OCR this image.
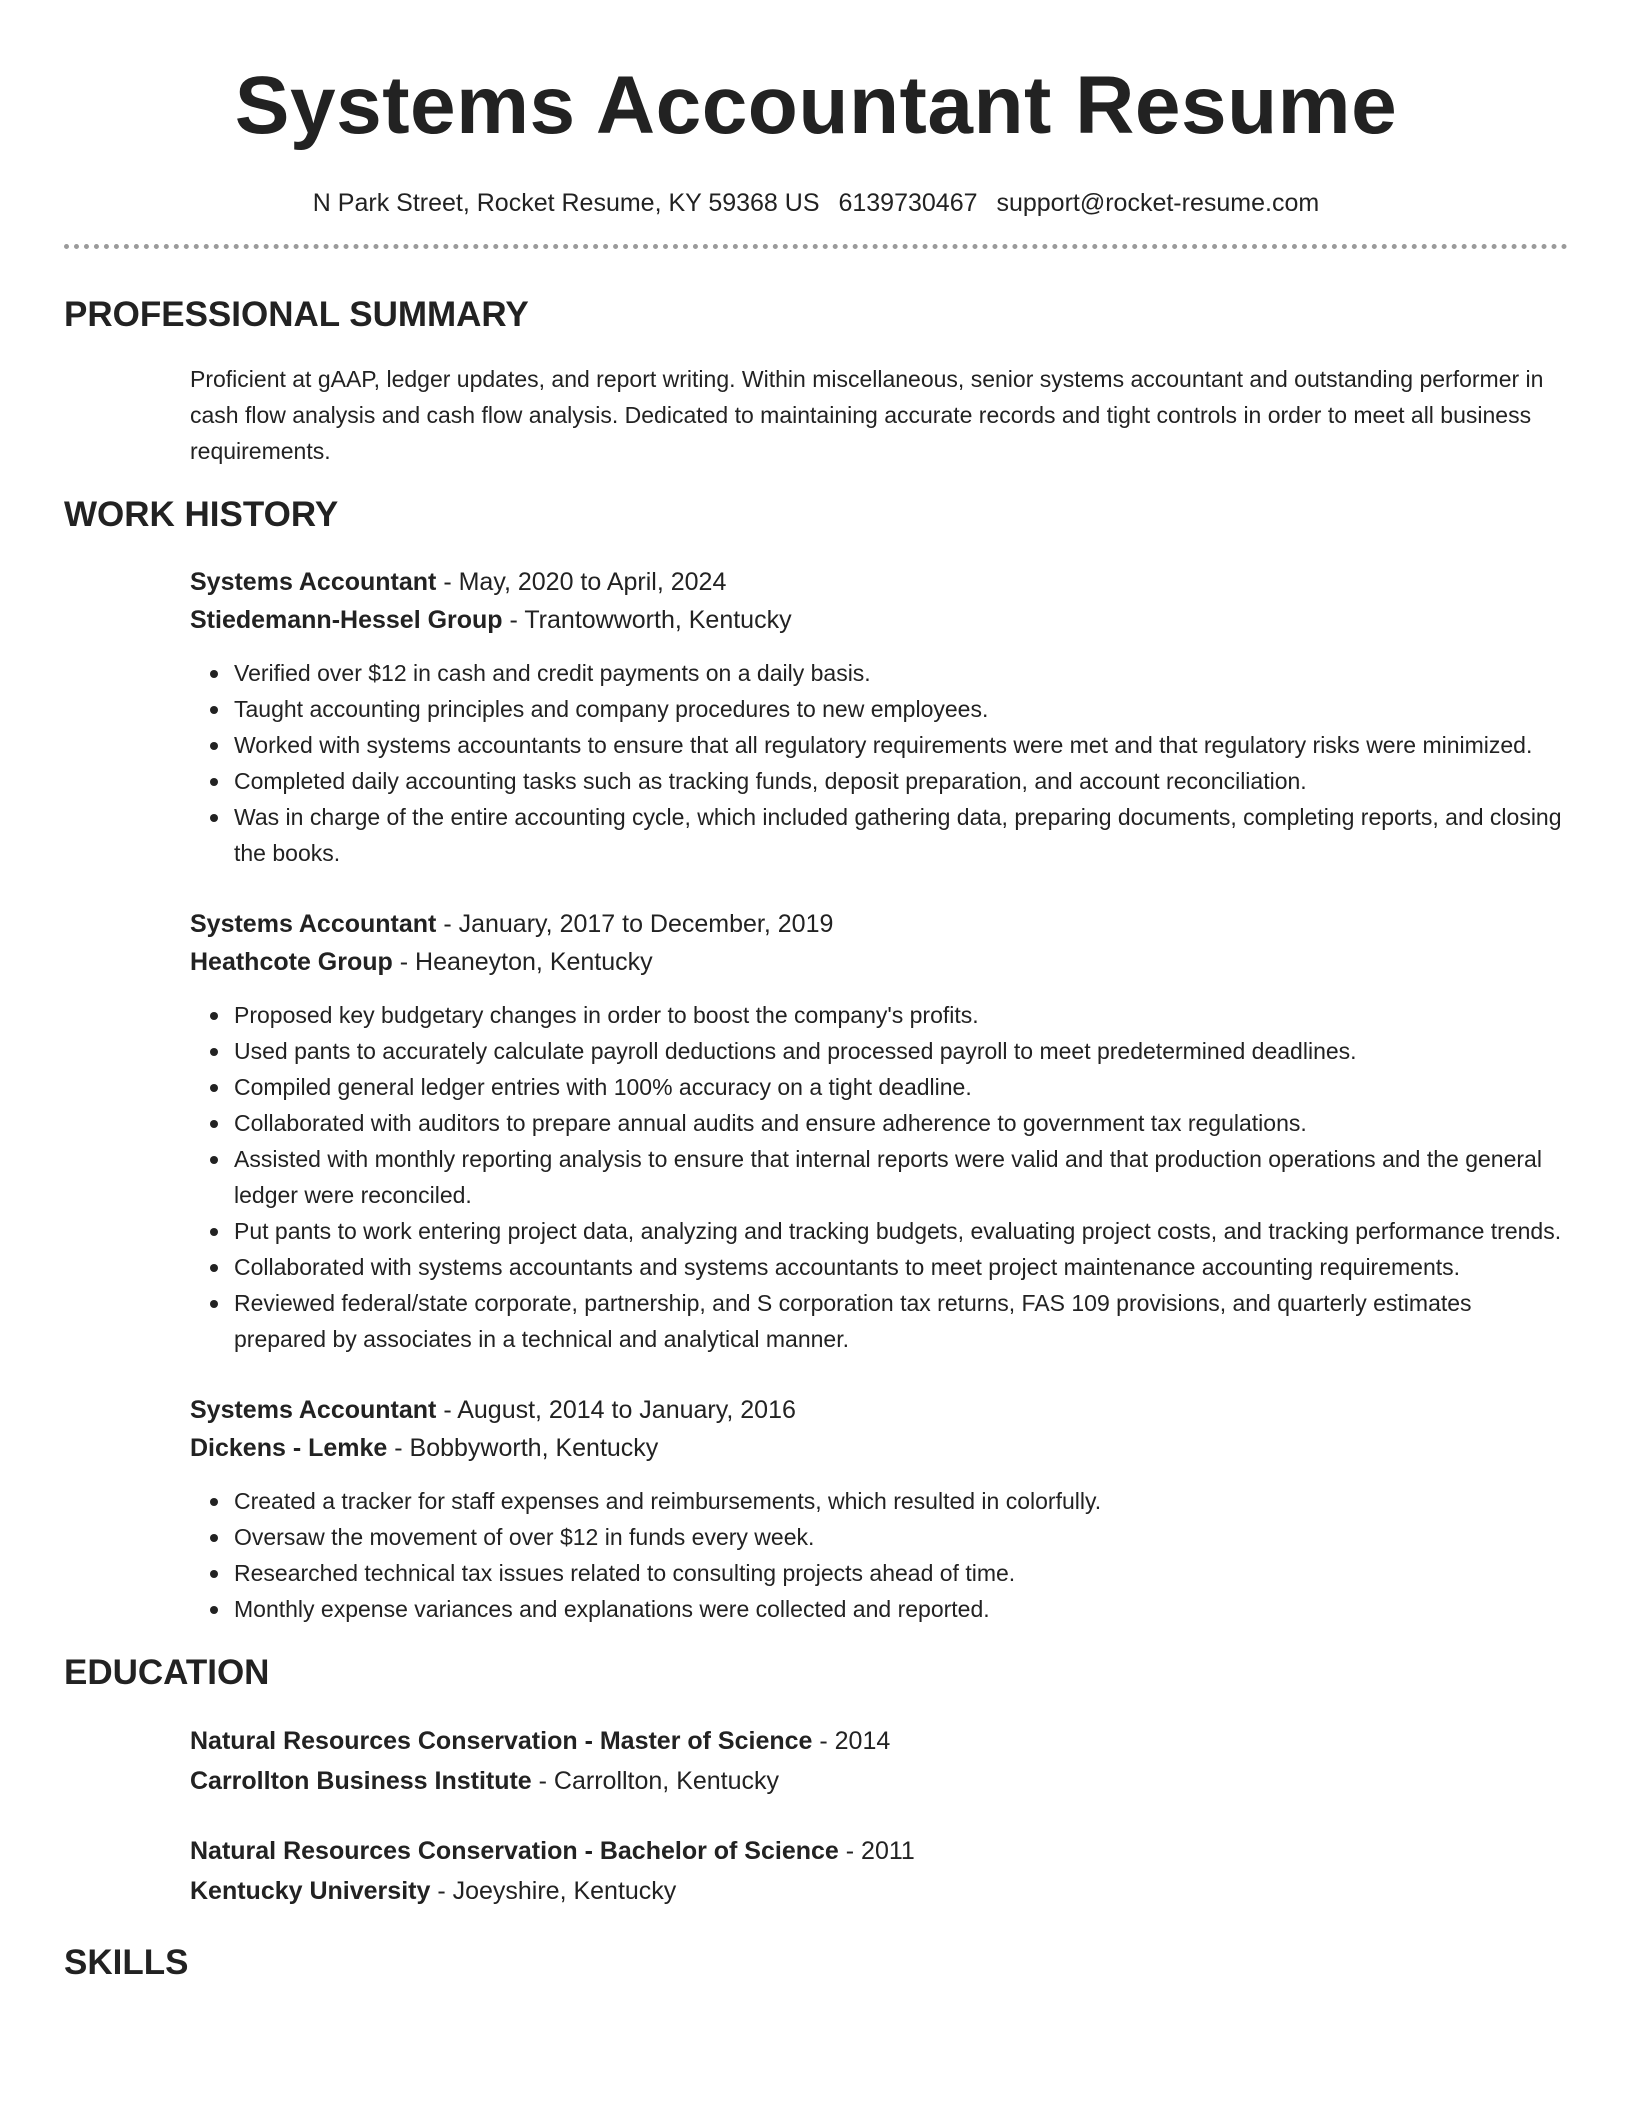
Systems Accountant Resume
N Park Street, Rocket Resume, KY 59368 US 6139730467 support@rocket-resume.com
PROFESSIONAL SUMMARY

Proficient at gAAP, ledger updates, and report writing. Within miscellaneous, senior systems accountant and outstanding performer in cash flow analysis and cash flow analysis. Dedicated to maintaining accurate records and tight controls in order to meet all business requirements.

WORK HISTORY
Systems Accountant - May, 2020 to April, 2024
Stiedemann-Hessel Group - Trantowworth, Kentucky
Verified over $12 in cash and credit payments on a daily basis.
Taught accounting principles and company procedures to new employees.
Worked with systems accountants to ensure that all regulatory requirements were met and that regulatory risks were minimized.
Completed daily accounting tasks such as tracking funds, deposit preparation, and account reconciliation.
Was in charge of the entire accounting cycle, which included gathering data, preparing documents, completing reports, and closing the books.
Systems Accountant - January, 2017 to December, 2019
Heathcote Group - Heaneyton, Kentucky
Proposed key budgetary changes in order to boost the company's profits.
Used pants to accurately calculate payroll deductions and processed payroll to meet predetermined deadlines.
Compiled general ledger entries with 100% accuracy on a tight deadline.
Collaborated with auditors to prepare annual audits and ensure adherence to government tax regulations.
Assisted with monthly reporting analysis to ensure that internal reports were valid and that production operations and the general ledger were reconciled.
Put pants to work entering project data, analyzing and tracking budgets, evaluating project costs, and tracking performance trends.
Collaborated with systems accountants and systems accountants to meet project maintenance accounting requirements.
Reviewed federal/state corporate, partnership, and S corporation tax returns, FAS 109 provisions, and quarterly estimates prepared by associates in a technical and analytical manner.
Systems Accountant - August, 2014 to January, 2016
Dickens - Lemke - Bobbyworth, Kentucky
Created a tracker for staff expenses and reimbursements, which resulted in colorfully.
Oversaw the movement of over $12 in funds every week.
Researched technical tax issues related to consulting projects ahead of time.
Monthly expense variances and explanations were collected and reported.
EDUCATION
Natural Resources Conservation - Master of Science - 2014
Carrollton Business Institute - Carrollton, Kentucky
Natural Resources Conservation - Bachelor of Science - 2011
Kentucky University - Joeyshire, Kentucky
SKILLS
